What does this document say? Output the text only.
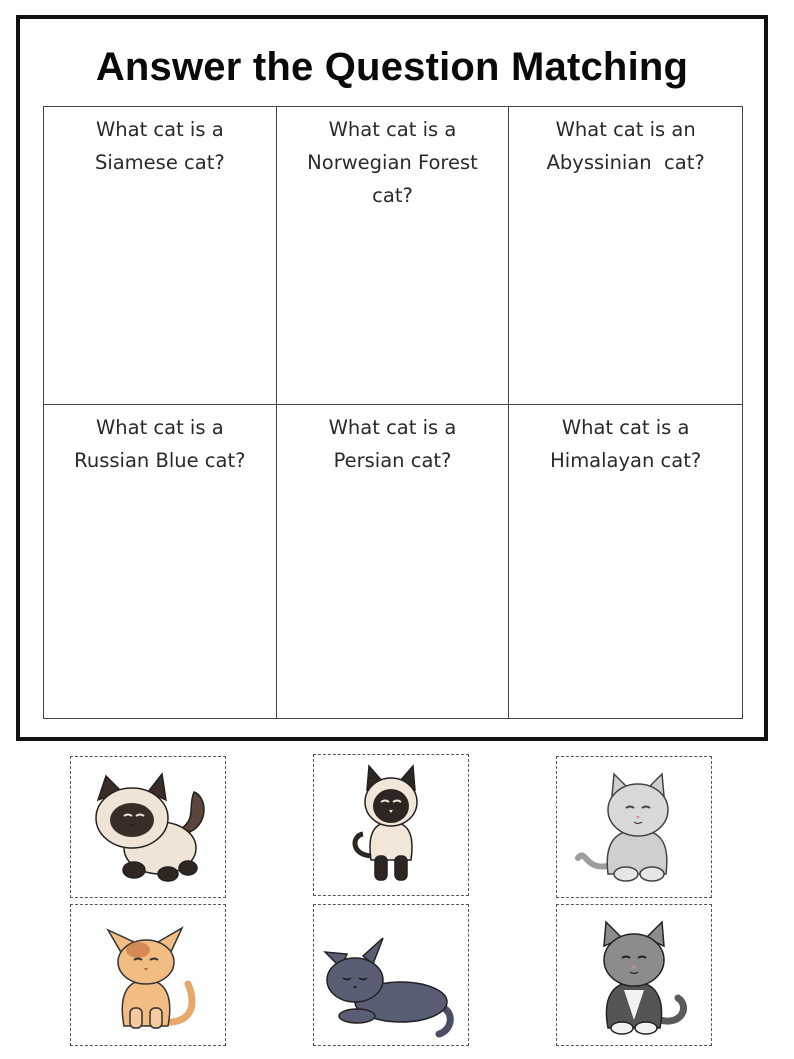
Answer the Question Matching
What cat is a
Siamese cat?
What cat is a
Norwegian Forest
cat?
What cat is an
Abyssinian  cat?
What cat is a
Russian Blue cat?
What cat is a
Persian cat?
What cat is a
Himalayan cat?
